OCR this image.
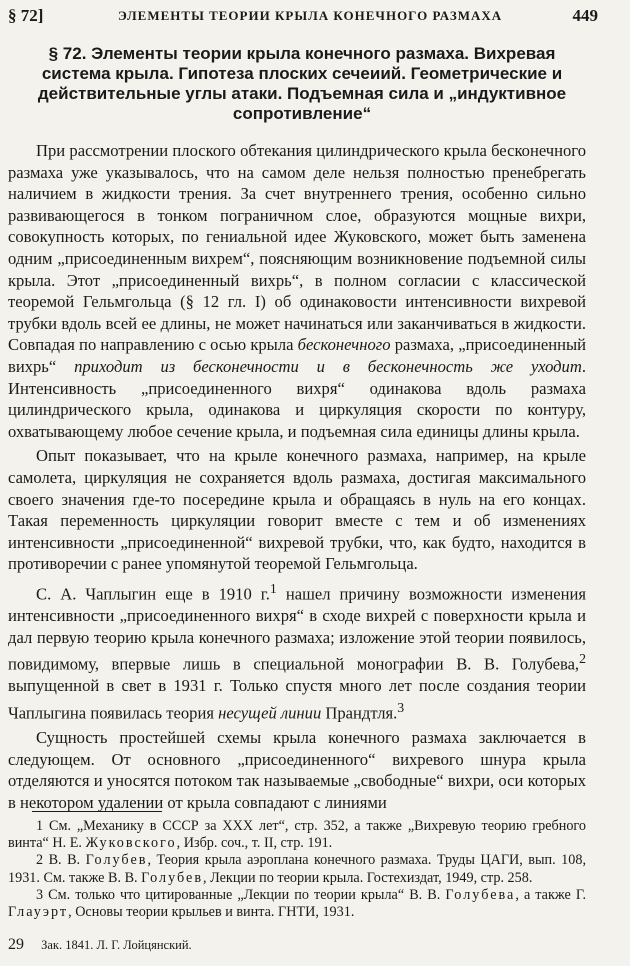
§ 72]	ЭЛЕМЕНТЫ ТЕОРИИ КРЫЛА КОНЕЧНОГО РАЗМАХА	449
§ 72. Элементы теории крыла конечного размаха. Вихревая система крыла. Гипотеза плоских сечеиий. Геометрические и действительные углы атаки. Подъемная сила и „индуктивное сопротивление“

При рассмотрении плоского обтекания цилиндрического крыла бесконечного размаха уже указывалось, что на самом деле нельзя полностью пренебрегать наличием в жидкости трения. За счет внутреннего трения, особенно сильно развивающегося в тонком пограничном слое, образуются мощные вихри, совокупность которых, по гениальной идее Жуковского, может быть заменена одним „присоединенным вихрем“, поясняющим возникновение подъемной силы крыла. Этот „присоединенный вихрь“, в полном согласии с классической теоремой Гельмгольца (§ 12 гл. I) об одинаковости интенсивности вихревой трубки вдоль всей ее длины, не может начинаться или заканчиваться в жидкости. Совпадая по направлению с осью крыла бесконечного размаха, „присоединенный вихрь“ приходит из бесконечности и в бесконечность же уходит. Интенсивность „присоединенного вихря“ одинакова вдоль размаха цилиндрического крыла, одинакова и циркуляция скорости по контуру, охватывающему любое сечение крыла, и подъемная сила единицы длины крыла.

Опыт показывает, что на крыле конечного размаха, например, на крыле самолета, циркуляция не сохраняется вдоль размаха, достигая максимального своего значения где-то посередине крыла и обращаясь в нуль на его концах. Такая переменность циркуляции говорит вместе с тем и об изменениях интенсивности „присоединенной“ вихревой трубки, что, как будто, находится в противоречии с ранее упомянутой теоремой Гельмгольца.

С. А. Чаплыгин еще в 1910 г.$^1$ нашел причину возможности изменения интенсивности „присоединенного вихря“ в сходе вихрей с поверхности крыла и дал первую теорию крыла конечного размаха; изложение этой теории появилось, повидимому, впервые лишь в специальной монографии В. В. Голубева,$^2$ выпущенной в свет в 1931 г. Только спустя много лет после создания теории Чаплыгина появилась теория несущей линии Прандтля.$^3$

Сущность простейшей схемы крыла конечного размаха заключается в следующем. От основного „присоединенного“ вихревого шнура крыла отделяются и уносятся потоком так называемые „свободные“ вихри, оси которых в некотором удалении от крыла совпадают с линиями

1 См. „Механику в СССР за XXX лет“, стр. 352, а также „Вихревую теорию гребного винта“ Н. Е. Жуковского, Избр. соч., т. II, стр. 191.

2 В. В. Голубев, Теория крыла аэроплана конечного размаха. Труды ЦАГИ, вып. 108, 1931. См. также В. В. Голубев, Лекции по теории крыла. Гостехиздат, 1949, стр. 258.

3 См. только что цитированные „Лекции по теории крыла“ В. В. Голубева, а также Г. Глауэрт, Основы теории крыльев и винта. ГНТИ, 1931.

29 Зак. 1841. Л. Г. Лойцянский.
